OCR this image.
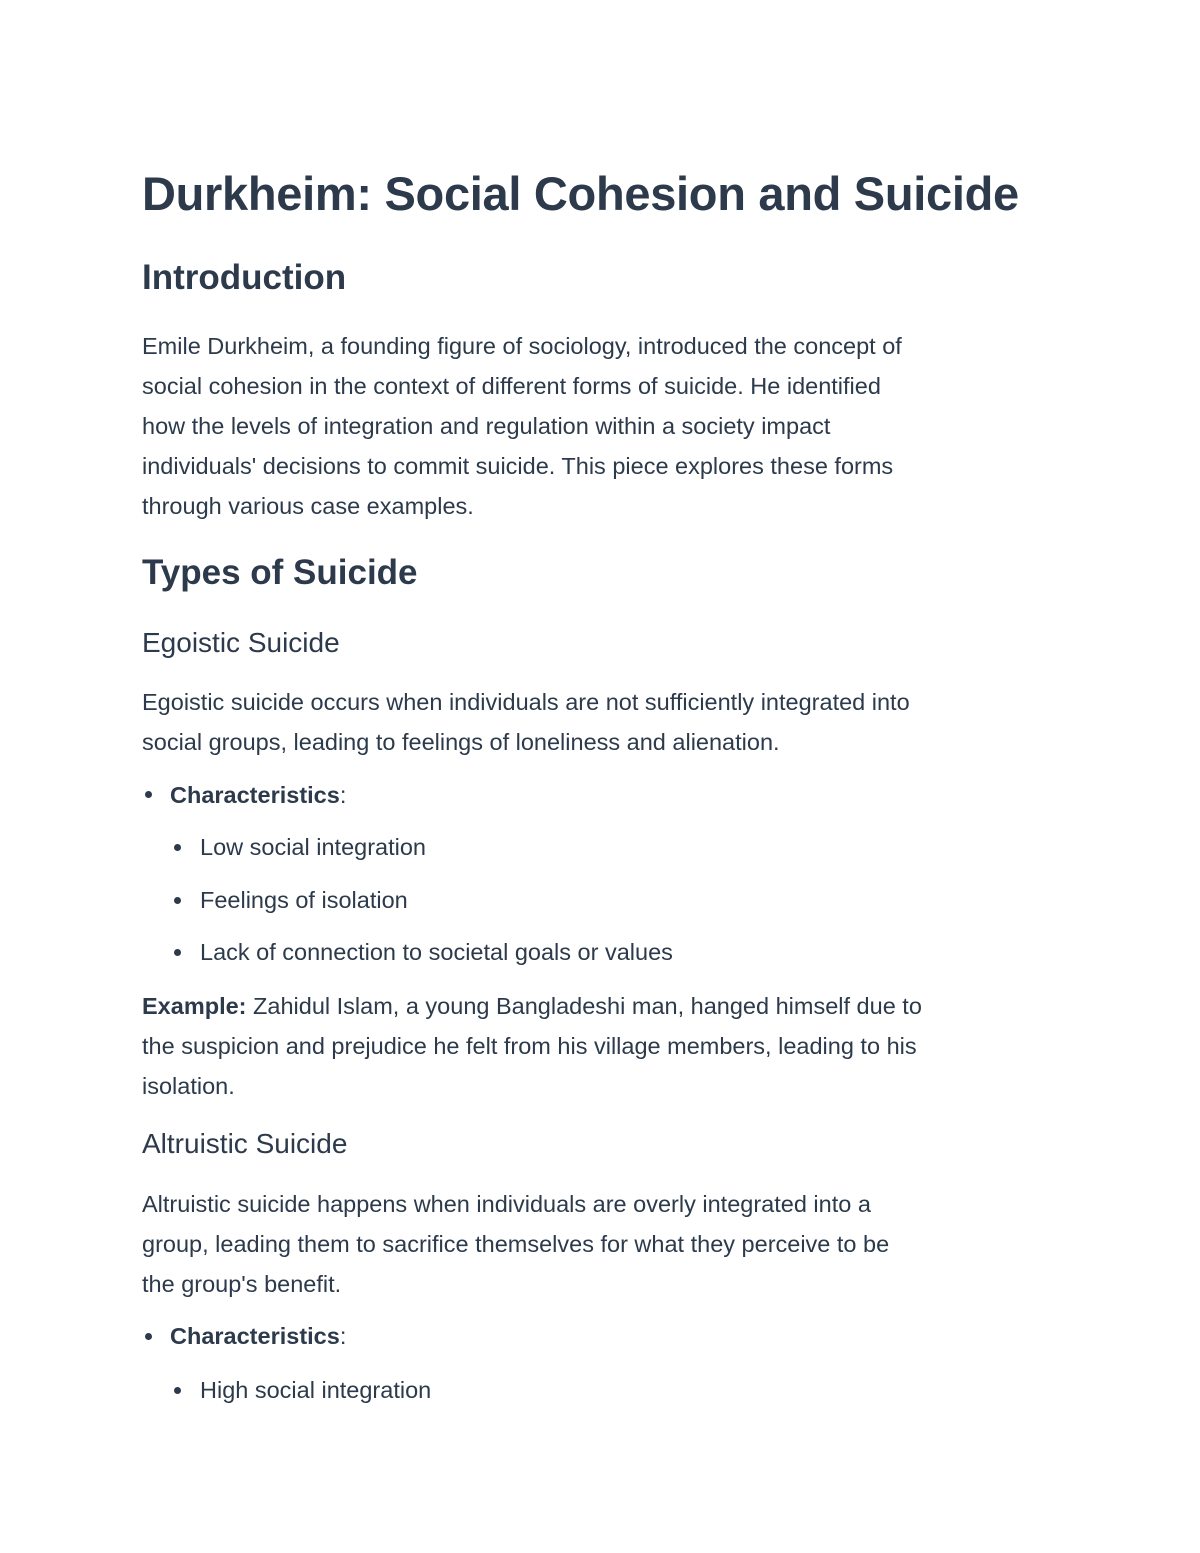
Durkheim: Social Cohesion and Suicide
Introduction

Emile Durkheim, a founding figure of sociology, introduced the concept of
social cohesion in the context of different forms of suicide. He identified
how the levels of integration and regulation within a society impact
individuals' decisions to commit suicide. This piece explores these forms
through various case examples.

Types of Suicide
Egoistic Suicide

Egoistic suicide occurs when individuals are not sufficiently integrated into
social groups, leading to feelings of loneliness and alienation.

Characteristics:
Low social integration
Feelings of isolation
Lack of connection to societal goals or values

Example: Zahidul Islam, a young Bangladeshi man, hanged himself due to
the suspicion and prejudice he felt from his village members, leading to his
isolation.

Altruistic Suicide

Altruistic suicide happens when individuals are overly integrated into a
group, leading them to sacrifice themselves for what they perceive to be
the group's benefit.

Characteristics:
High social integration
